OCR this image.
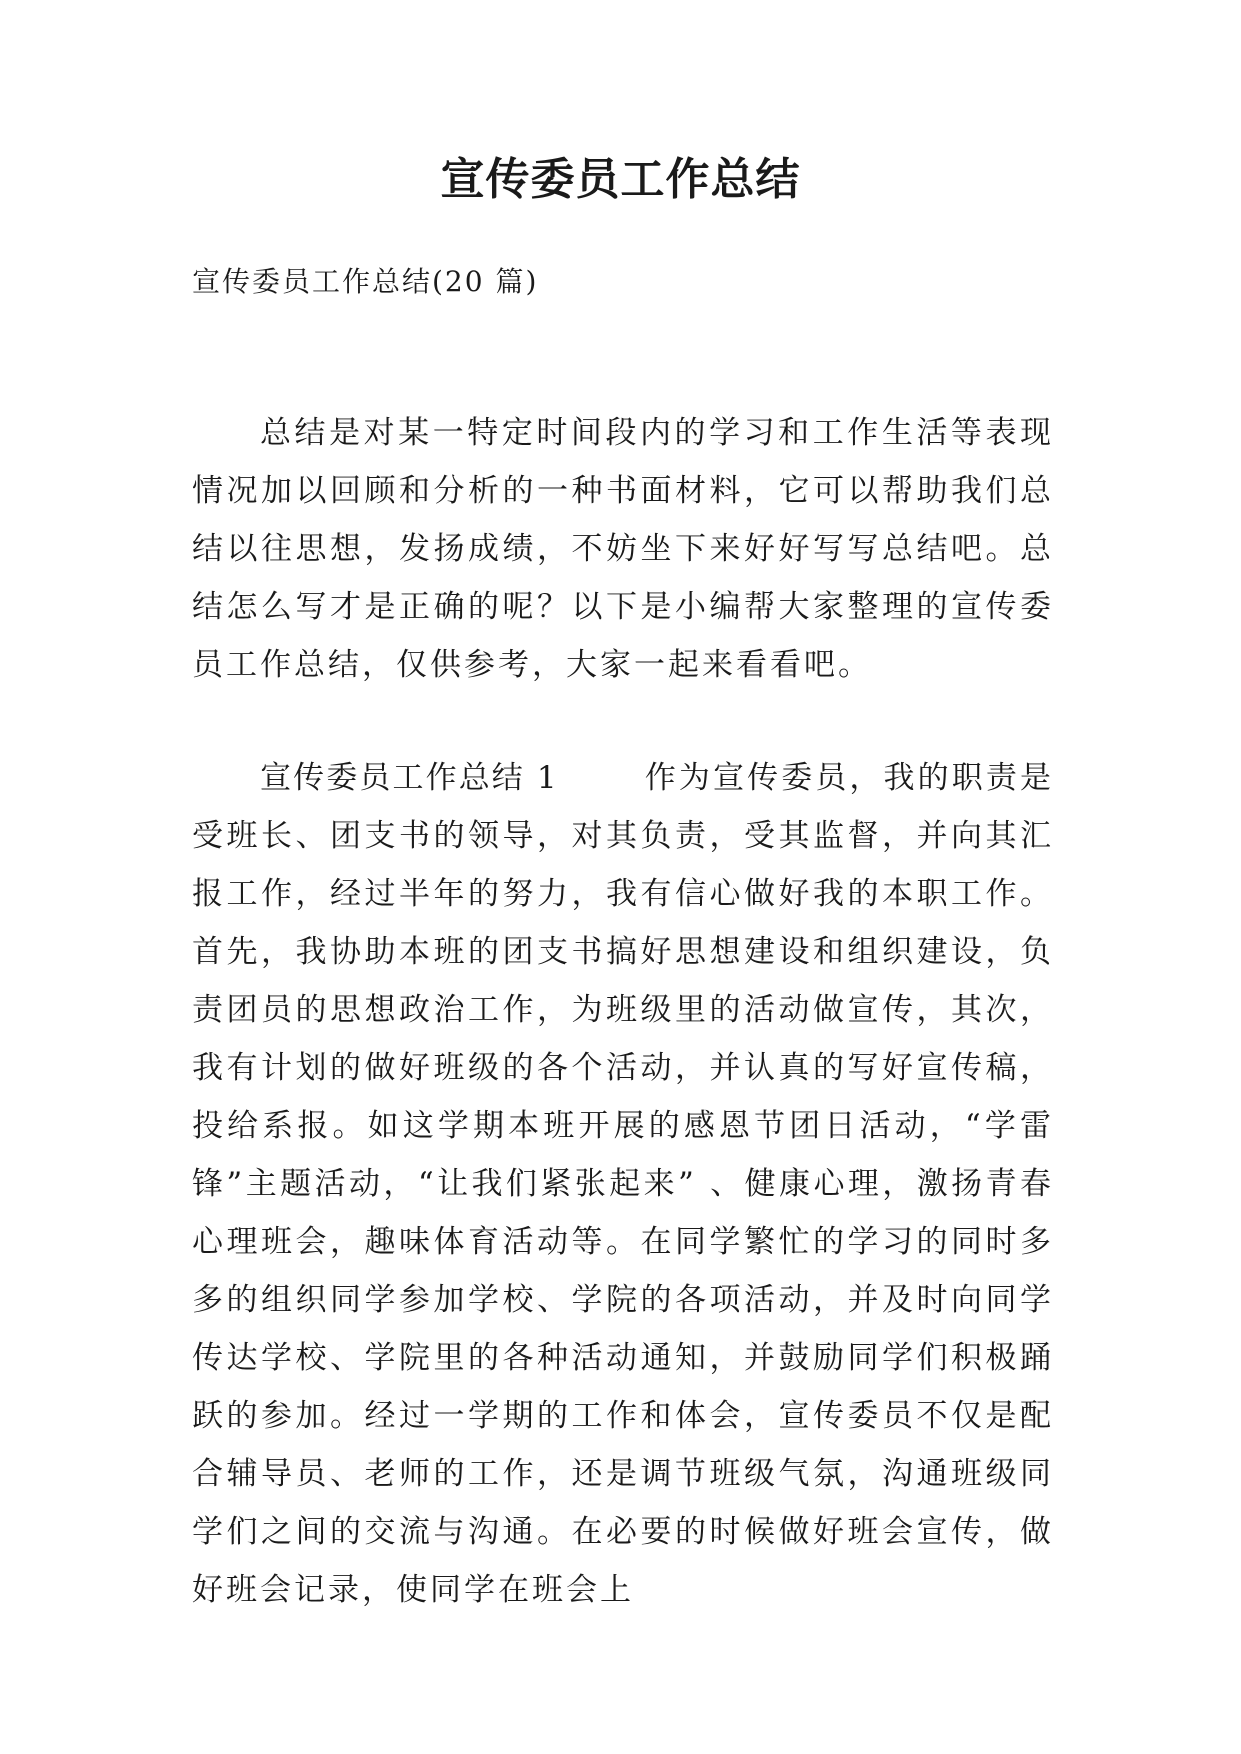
宣传委员工作总结
宣传委员工作总结(20 篇)
总结是对某一特定时间段内的学习和工作生活等表现情况加以回顾和分析的一种书面材料，它可以帮助我们总结以往思想，发扬成绩，不妨坐下来好好写写总结吧。总结怎么写才是正确的呢？以下是小编帮大家整理的宣传委员工作总结，仅供参考，大家一起来看看吧。
宣传委员工作总结 1	作为宣传委员，我的职责是受班长、团支书的领导，对其负责，受其监督，并向其汇报工作，经过半年的努力，我有信心做好我的本职工作。首先，我协助本班的团支书搞好思想建设和组织建设，负责团员的思想政治工作，为班级里的活动做宣传，其次，我有计划的做好班级的各个活动，并认真的写好宣传稿，投给系报。如这学期本班开展的感恩节团日活动，“学雷锋”主题活动，“让我们紧张起来” 、健康心理，激扬青春心理班会，趣味体育活动等。在同学繁忙的学习的同时多多的组织同学参加学校、学院的各项活动，并及时向同学传达学校、学院里的各种活动通知，并鼓励同学们积极踊跃的参加。经过一学期的工作和体会，宣传委员不仅是配合辅导员、老师的工作，还是调节班级气氛，沟通班级同学们之间的交流与沟通。在必要的时候做好班会宣传，做好班会记录，使同学在班会上
